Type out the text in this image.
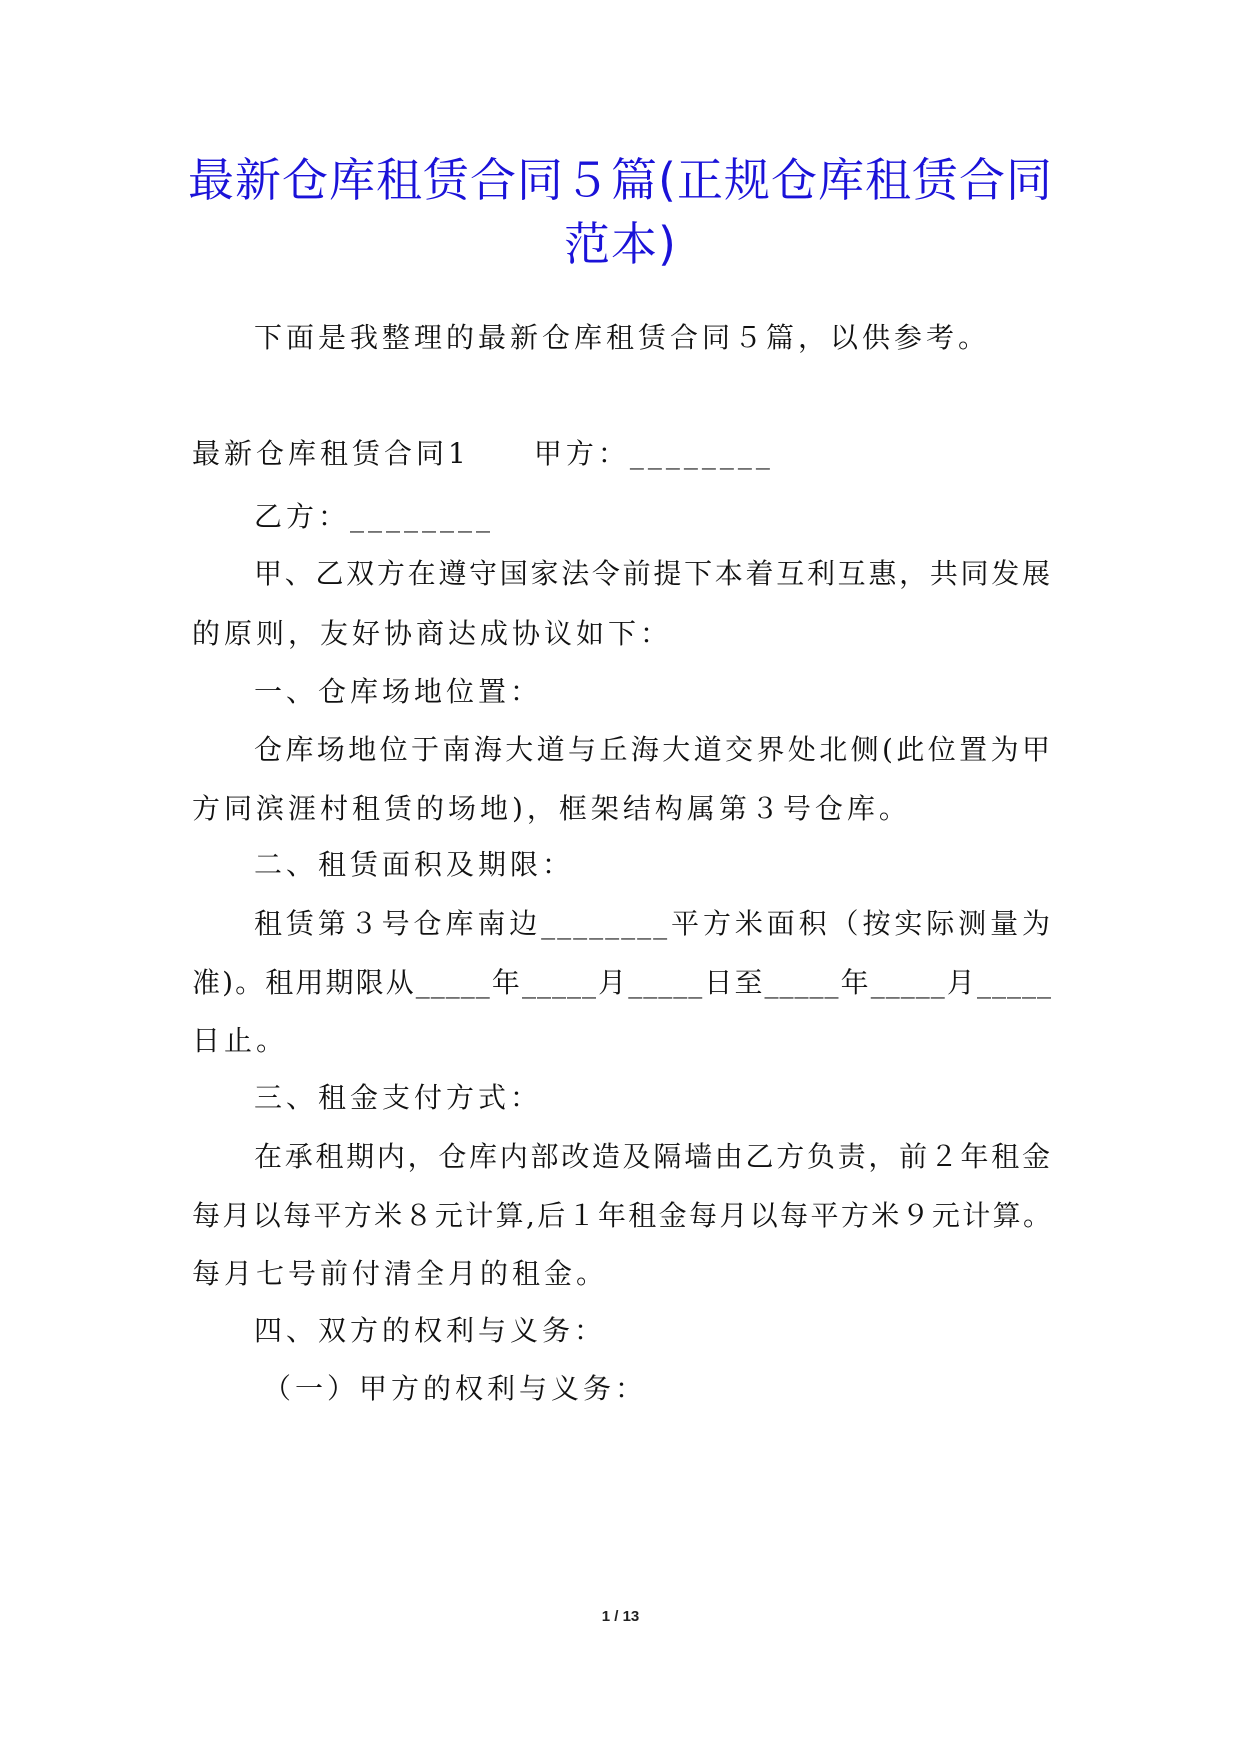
最新仓库租赁合同５篇(正规仓库租赁合同
范本)
下面是我整理的最新仓库租赁合同５篇，以供参考。
最新仓库租赁合同1　　甲方：________
乙方：________
甲、乙双方在遵守国家法令前提下本着互利互惠，共同发展
的原则，友好协商达成协议如下：
一、仓库场地位置：
仓库场地位于南海大道与丘海大道交界处北侧(此位置为甲
方同滨涯村租赁的场地)，框架结构属第３号仓库。
二、租赁面积及期限：
租赁第３号仓库南边________平方米面积（按实际测量为
准)。租用期限从_____年_____月_____日至_____年_____月_____
日止。
三、租金支付方式：
在承租期内，仓库内部改造及隔墙由乙方负责，前２年租金
每月以每平方米８元计算,后１年租金每月以每平方米９元计算。
每月七号前付清全月的租金。
四、双方的权利与义务：
（一）甲方的权利与义务：
1 / 13
